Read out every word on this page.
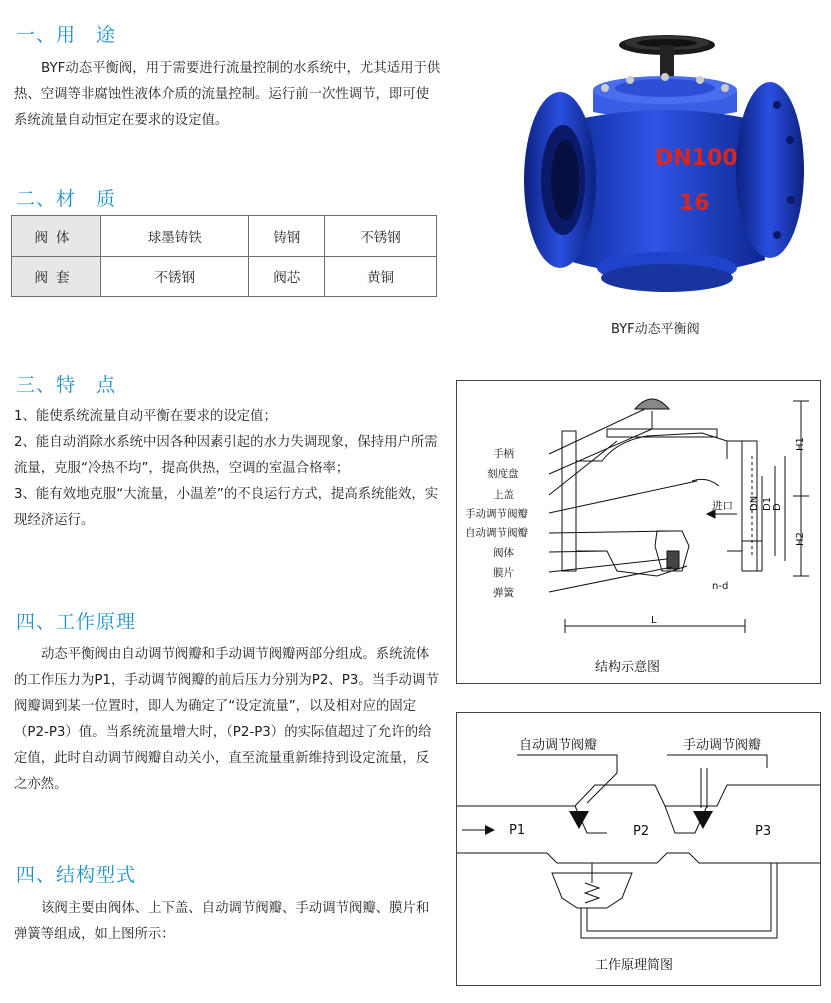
一、用　途

BYF动态平衡阀，用于需要进行流量控制的水系统中，尤其适用于供热、空调等非腐蚀性液体介质的流量控制。运行前一次性调节，即可使系统流量自动恒定在要求的设定值。

二、材　质
阀体	球墨铸铁	铸钢	不锈钢
阀套	不锈钢	阀芯	黄铜
三、特　点
1、能使系统流量自动平衡在要求的设定值；
2、能自动消除水系统中因各种因素引起的水力失调现象，保持用户所需流量，克服“冷热不均”，提高供热，空调的室温合格率；
3、能有效地克服“大流量，小温差”的不良运行方式，提高系统能效，实现经济运行。
四、工作原理

动态平衡阀由自动调节阀瓣和手动调节阀瓣两部分组成。系统流体的工作压力为P1，手动调节阀瓣的前后压力分别为P2、P3。当手动调节阀瓣调到某一位置时，即人为确定了“设定流量”，以及相对应的固定（P2-P3）值。当系统流量增大时，（P2-P3）的实际值超过了允许的给定值，此时自动调节阀瓣自动关小，直至流量重新维持到设定流量，反之亦然。

四、结构型式

该阀主要由阀体、上下盖、自动调节阀瓣、手动调节阀瓣、膜片和弹簧等组成，如上图所示：

DN100
16
BYF动态平衡阀
手柄
刻度盘
上盖
手动调节阀瓣
自动调节阀瓣
阀体
膜片
弹簧
进口
H1
DN D1 D
H2
n-d
L
结构示意图
自动调节阀瓣	手动调节阀瓣
P1	P2	P3
工作原理简图
